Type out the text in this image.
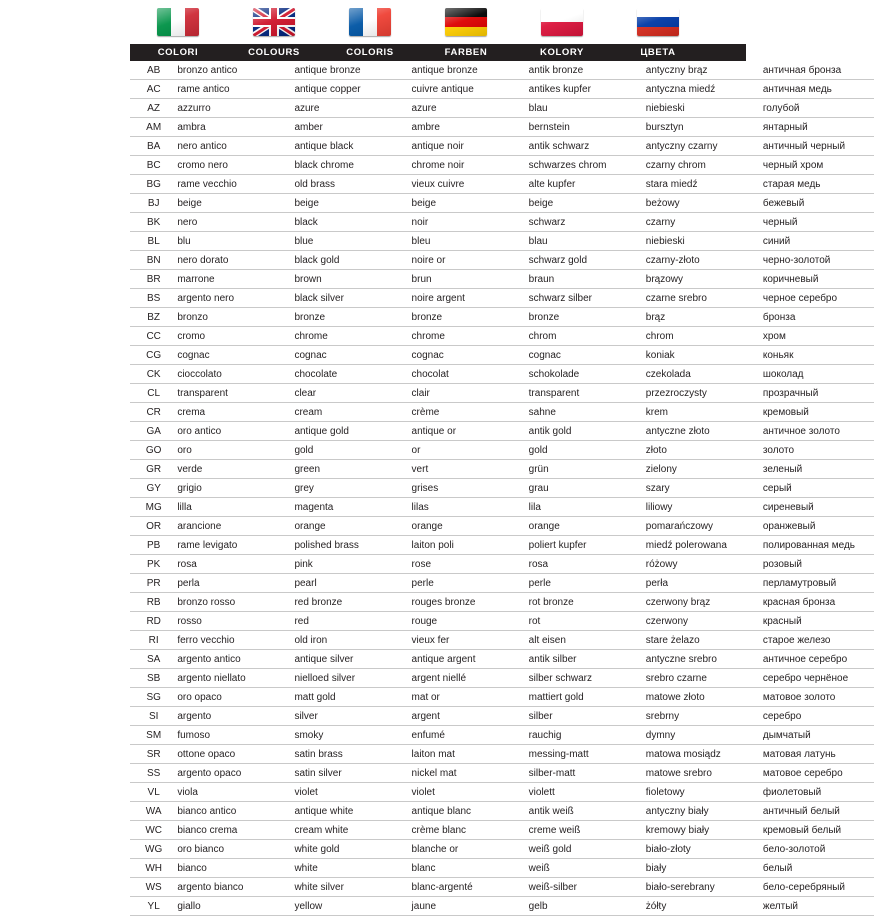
COLORI	COLOURS	COLORIS	FARBEN	KOLORY	ЦВЕТА
AB	bronzo antico	antique bronze	antique bronze	antik bronze	antyczny brąz	античная бронза
AC	rame antico	antique copper	cuivre antique	antikes kupfer	antyczna miedź	античная медь
AZ	azzurro	azure	azure	blau	niebieski	голубой
AM	ambra	amber	ambre	bernstein	bursztyn	янтарный
BA	nero antico	antique black	antique noir	antik schwarz	antyczny czarny	античный черный
BC	cromo nero	black chrome	chrome noir	schwarzes chrom	czarny chrom	черный хром
BG	rame vecchio	old brass	vieux cuivre	alte kupfer	stara miedź	старая медь
BJ	beige	beige	beige	beige	beżowy	бежевый
BK	nero	black	noir	schwarz	czarny	черный
BL	blu	blue	bleu	blau	niebieski	синий
BN	nero dorato	black gold	noire or	schwarz gold	czarny-złoto	черно-золотой
BR	marrone	brown	brun	braun	brązowy	коричневый
BS	argento nero	black silver	noire argent	schwarz silber	czarne srebro	черное серебро
BZ	bronzo	bronze	bronze	bronze	brąz	бронза
CC	cromo	chrome	chrome	chrom	chrom	хром
CG	cognac	cognac	cognac	cognac	koniak	коньяк
CK	cioccolato	chocolate	chocolat	schokolade	czekolada	шоколад
CL	transparent	clear	clair	transparent	przezroczysty	прозрачный
CR	crema	cream	crème	sahne	krem	кремовый
GA	oro antico	antique gold	antique or	antik gold	antyczne złoto	античное золото
GO	oro	gold	or	gold	złoto	золото
GR	verde	green	vert	grün	zielony	зеленый
GY	grigio	grey	grises	grau	szary	серый
MG	lilla	magenta	lilas	lila	liliowy	сиреневый
OR	arancione	orange	orange	orange	pomarańczowy	оранжевый
PB	rame levigato	polished brass	laiton poli	poliert kupfer	miedź polerowana	полированная медь
PK	rosa	pink	rose	rosa	różowy	розовый
PR	perla	pearl	perle	perle	perła	перламутровый
RB	bronzo rosso	red bronze	rouges bronze	rot bronze	czerwony brąz	красная бронза
RD	rosso	red	rouge	rot	czerwony	красный
RI	ferro vecchio	old iron	vieux fer	alt eisen	stare żelazo	старое железо
SA	argento antico	antique silver	antique argent	antik silber	antyczne srebro	античное серебро
SB	argento niellato	nielloed silver	argent niellé	silber schwarz	srebro czarne	серебро чернёное
SG	oro opaco	matt gold	mat or	mattiert gold	matowe złoto	матовое золото
SI	argento	silver	argent	silber	srebrny	серебро
SM	fumoso	smoky	enfumé	rauchig	dymny	дымчатый
SR	ottone opaco	satin brass	laiton mat	messing-matt	matowa mosiądz	матовая латунь
SS	argento opaco	satin silver	nickel mat	silber-matt	matowe srebro	матовое серебро
VL	viola	violet	violet	violett	fioletowy	фиолетовый
WA	bianco antico	antique white	antique blanc	antik weiß	antyczny biały	античный белый
WC	bianco crema	cream white	crème blanc	creme weiß	kremowy biały	кремовый белый
WG	oro bianco	white gold	blanche or	weiß gold	biało-złoty	бело-золотой
WH	bianco	white	blanc	weiß	biały	белый
WS	argento bianco	white silver	blanc-argenté	weiß-silber	biało-serebrany	бело-серебряный
YL	giallo	yellow	jaune	gelb	żółty	желтый
